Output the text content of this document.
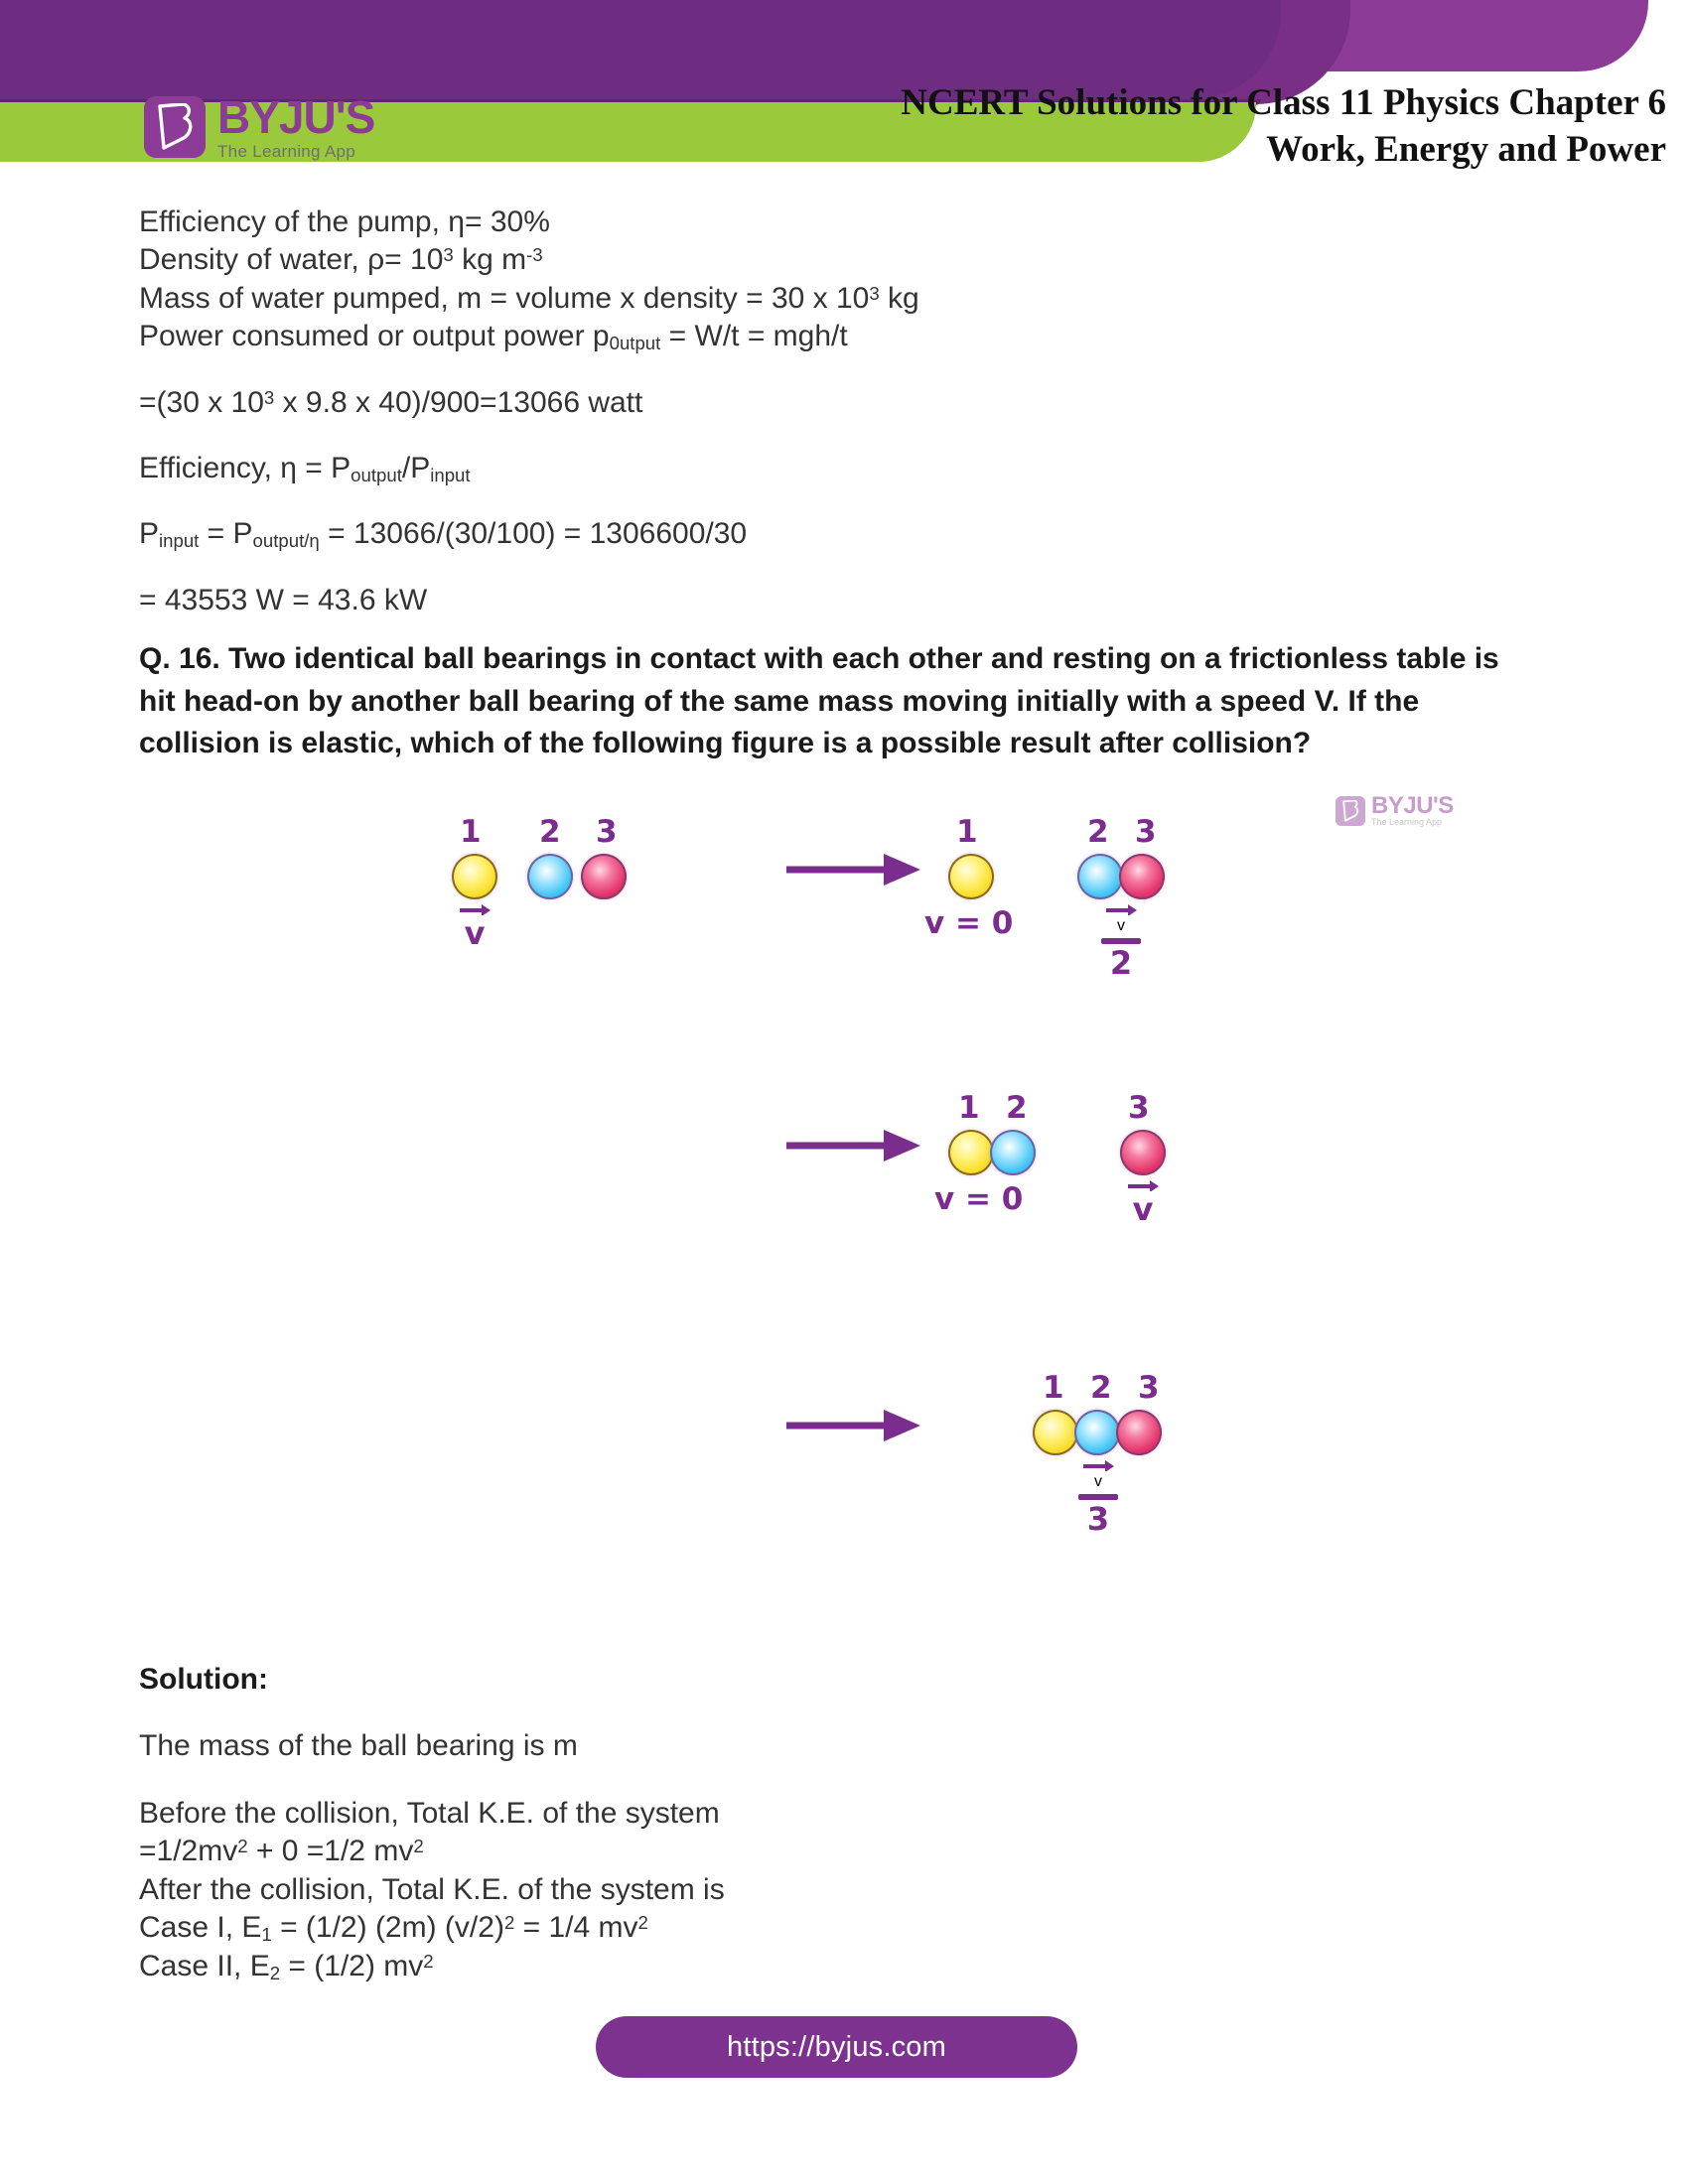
BYJU'S
The Learning App
NCERT Solutions for Class 11 Physics Chapter 6
Work, Energy and Power
Efficiency of the pump, η= 30%
Density of water, $\rho= 10^3$ kg $m^{-3}$
Mass of water pumped, m = volume x density = 30 x $10^3$ kg
Power consumed or output power $p_{0utput} = W/t = mgh/t$
=(30 x $10^3$ x 9.8 x 40)/900=13066 watt
Efficiency, $\eta = P_{output}/P_{input}$
$P_{input} = P_{output/\eta} = 13066/(30/100) = 1306600/30$
= 43553 W = 43.6 kW
Q. 16. Two identical ball bearings in contact with each other and resting on a frictionless table is hit head-on by another ball bearing of the same mass moving initially with a speed V. If the collision is elastic, which of the following figure is a possible result after collision?
BYJU'S
The Learning App
1 2 3
v
1
v = 0
2 3
v
2
1 2
v = 0
3
v
1 2 3
v
3
Solution:
The mass of the ball bearing is m
Before the collision, Total K.E. of the system
$=1/2mv^2 + 0 =1/2$ $mv^2$
After the collision, Total K.E. of the system is
Case I, $E_1 = (1/2)$ (2m) $(v/2)^2 = 1/4$ $mv^2$
Case II, $E_2 = (1/2)$ $mv^2$
https://byjus.com
